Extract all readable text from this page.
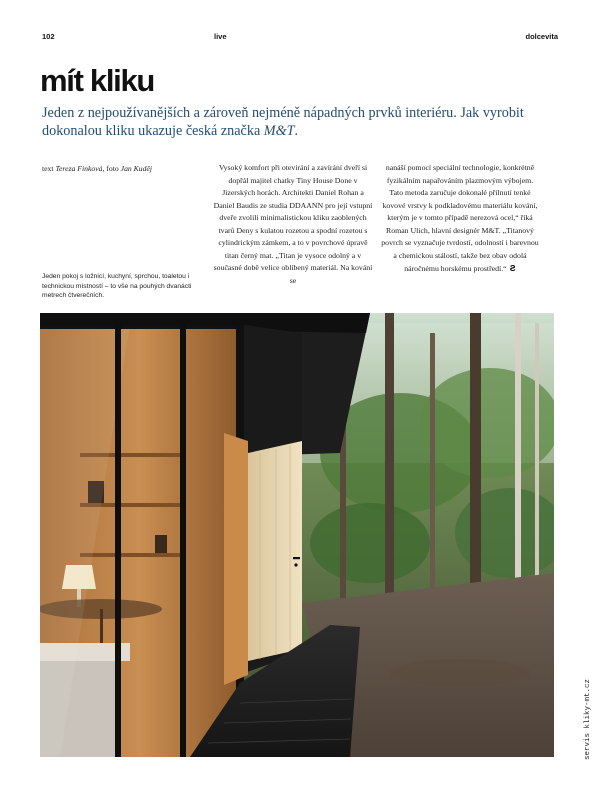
102	live	dolcevita
mít kliku

Jeden z nejpoužívanějších a zároveň nejméně nápadných prvků interiéru. Jak vyrobit dokonalou kliku ukazuje česká značka M&T.

text Tereza Finková, foto Jan Kuděj

Jeden pokoj s ložnicí, kuchyní, sprchou, toaletou i technickou místností – to vše na pouhých dvanácti metrech čtverečních.

Vysoký komfort při otevírání a zavírání dveří si dopřál majitel chatky Tiny House Done v Jizerských horách. Architekti Daniel Rohan a Daniel Baudis ze studia DDAANN pro její vstupní dveře zvolili minimalistickou kliku zaoblených tvarů Deny s kulatou rozetou a spodní rozetou s cylindrickým zámkem, a to v povrchové úpravě titan černý mat. „Titan je vysoce odolný a v současné době velice oblíbený materiál. Na kování se

nanáší pomocí speciální technologie, konkrétně fyzikálním napařováním plazmovým výbojem. Tato metoda zaručuje dokonalé přilnutí tenké kovové vrstvy k podkladovému materiálu kování, kterým je v tomto případě nerezová ocel,“ říká Roman Ulich, hlavní designér M&T. „Titanový povrch se vyznačuje tvrdostí, odolností i barevnou a chemickou stálostí, takže bez obav odolá náročnému horskému prostředí.“ ƨ

servis kliky-mt.cz
